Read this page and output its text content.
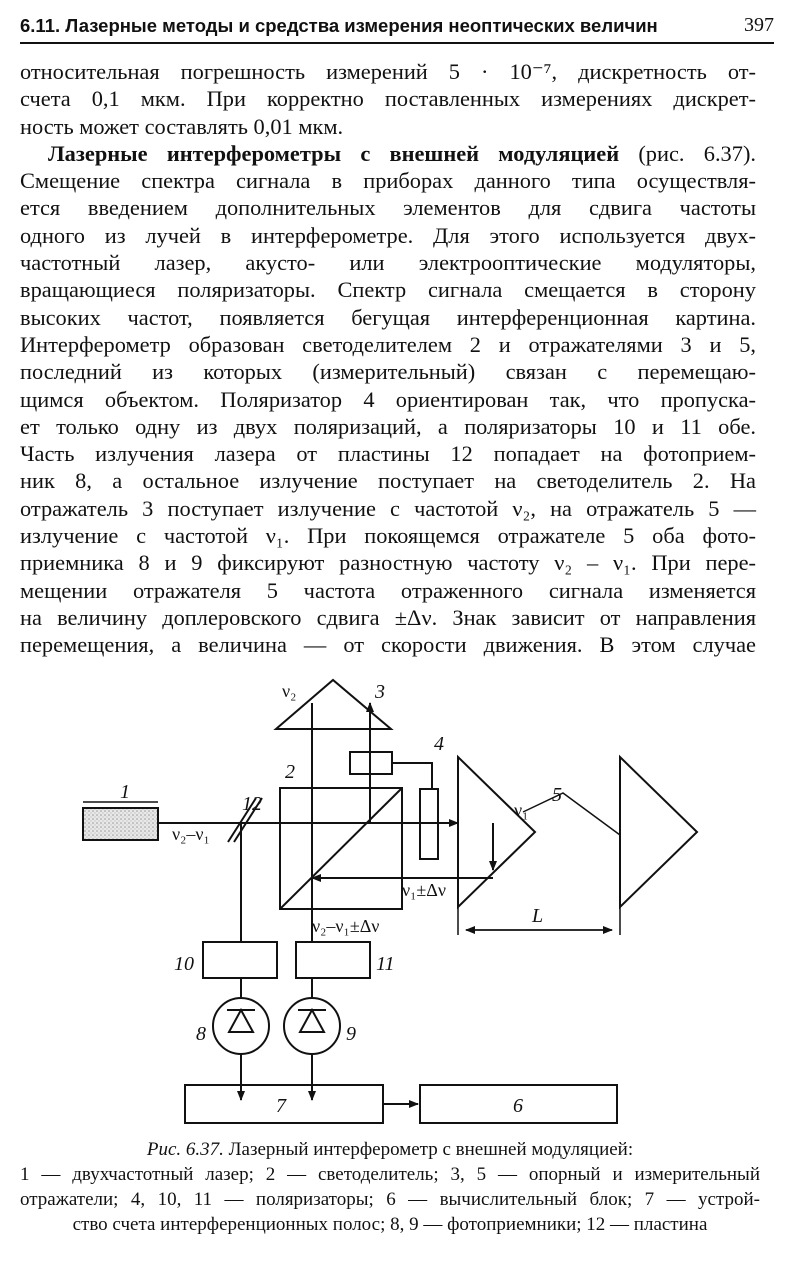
6.11. Лазерные методы и средства измерения неоптических величин	397
относительная погрешность измерений 5 · 10⁻⁷, дискретность от-
счета 0,1 мкм. При корректно поставленных измерениях дискрет-
ность может составлять 0,01 мкм.
Лазерные интерферометры с внешней модуляцией (рис. 6.37).
Смещение спектра сигнала в приборах данного типа осуществля-
ется введением дополнительных элементов для сдвига частоты
одного из лучей в интерферометре. Для этого используется двух-
частотный лазер, акусто- или электрооптические модуляторы,
вращающиеся поляризаторы. Спектр сигнала смещается в сторону
высоких частот, появляется бегущая интерференционная картина.
Интерферометр образован светоделителем 2 и отражателями 3 и 5,
последний из которых (измерительный) связан с перемещаю-
щимся объектом. Поляризатор 4 ориентирован так, что пропуска-
ет только одну из двух поляризаций, а поляризаторы 10 и 11 обе.
Часть излучения лазера от пластины 12 попадает на фотоприем-
ник 8, а остальное излучение поступает на светоделитель 2. На
отражатель 3 поступает излучение с частотой ν₂, на отражатель 5 —
излучение с частотой ν₁. При покоящемся отражателе 5 оба фото-
приемника 8 и 9 фиксируют разностную частоту ν₂ – ν₁. При пере-
мещении отражателя 5 частота отраженного сигнала изменяется
на величину доплеровского сдвига ±Δν. Знак зависит от направления
перемещения, а величина — от скорости движения. В этом случае
1
2
3
4
5
6
7
8	9
10	11
12
L
ν₂
ν₁
ν₂–ν₁
ν₁±Δν
ν₂–ν₁±Δν
Рис. 6.37. Лазерный интерферометр с внешней модуляцией:
1 — двухчастотный лазер; 2 — светоделитель; 3, 5 — опорный и измерительный
отражатели; 4, 10, 11 — поляризаторы; 6 — вычислительный блок; 7 — устрой-
ство счета интерференционных полос; 8, 9 — фотоприемники; 12 — пластина
